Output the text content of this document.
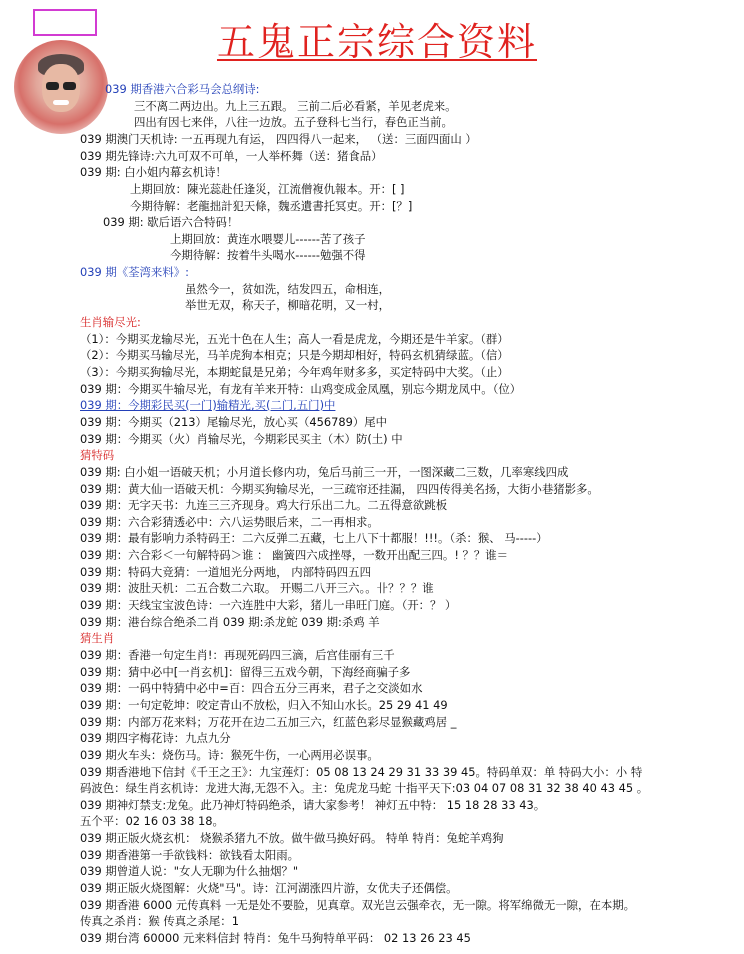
五鬼正宗综合资料
039 期香港六合彩马会总纲诗:
三不离二两边出。九上三五跟。 三前二后必看紧，羊见老虎来。
四出有因七来伴，八往一边放。五子登科七当行，春色正当前。
039 期澳门天机诗: 一五再现九有运， 四四得八一起来， （送：三面四面山 ）
039 期先锋诗:六九可双不可单，一人举杯舞（送：猪食品）
039 期: 白小姐内幕玄机诗！
上期回放：陳光蕊赴任逢災，江流僧複仇報本。开：[ ]
今期待解：老龍拙計犯天條，魏丞遺書托冥吏。开：[？]
039 期: 歇后语六合特码！
上期回放：黄连水喂婴儿------苦了孩子
今期待解：按着牛头喝水------勉强不得
039 期《荃湾来料》:
虽然今一，贫如洗，结发四五，命相连，
举世无双，称天子，柳暗花明，又一村，
生肖输尽光:
（1）：今期买龙输尽光，五光十色在人生；高人一看是虎龙，今期还是牛羊家。（群）
（2）：今期买马输尽光，马羊虎狗本相克；只是今期却相好，特码玄机猜绿蓝。（信）
（3）：今期买狗输尽光，本期蛇鼠是兄弟；今年鸡年财多多，买定特码中大奖。（止）
039 期：今期买牛输尽光，有龙有羊来开特：山鸡变成金凤凰，别忘今期龙凤中。（位）
039 期：今期彩民买(一门)输精光,买(二门,五门)中
039 期：今期买（213）尾输尽光，放心买（456789）尾中
039 期：今期买（火）肖输尽光，今期彩民买主（木）防(土) 中
猜特码
039 期: 白小姐一语破天机；小月道长修内功，兔后马前三一开，一图深藏二三数，几率寒线四成
039 期：黄大仙一语破天机：今期买狗输尽光，一三疏帘还挂漏， 四四传得美名扬，大街小巷猪影多。
039 期：无字天书：九连三三齐现身。鸡大行乐出二九。二五得意欲跳板
039 期：六合彩猜透必中：六八运势眼后来，二一再相求。
039 期：最有影响力杀特码王：二六反弹二五藏，七上八下十都服！!!!。（杀：猴、 马-----）
039 期：六合彩＜一句解特码＞谁 ： 幽簧四六成挫辱，一数开出配三四。! ？？谁＝
039 期：特码大竞猜：一道旭光分两地， 内部特码四五四
039 期：波肚天机：二五合数二六取。 开赐二八开三六。。卝？？？谁
039 期：天线宝宝波色诗：一六连胜中大彩，猪儿一串旺门庭。（开：？ ）
039 期：港台综合绝杀二肖 039 期:杀龙蛇 039 期:杀鸡 羊
猜生肖
039 期：香港一句定生肖!：再现死码四三滴，后宫佳丽有三千
039 期：猜中必中[一肖玄机]：留得三五戏今朝，下海经商骗子多
039 期：一码中特猜中必中=百：四合五分三再来，君子之交淡如水
039 期：一句定乾坤：咬定青山不放松，归入不知山水长。25 29 41 49
039 期：内部万花来料；万花开在边二五加三六，红蓝色彩尽显猴藏鸡居 _
039 期四字梅花诗：九点九分
039 期火车头：烧伤马。诗：猴死牛伤，一心两用必误事。
039 期香港地下信封《千王之王》：九宝莲灯：05 08 13 24 29 31 33 39 45。特码单双：单 特码大小：小 特
码波色：绿生肖玄机诗：龙进大海,无怨不入。主：兔虎龙马蛇 十指平天下:03 04 07 08 31 32 38 40 43 45 。
039 期神灯禁支:龙兔。此乃神灯特码绝杀，请大家参考！ 神灯五中特： 15 18 28 33 43。
五个平：02 16 03 38 18。
039 期正版火烧玄机： 烧猴杀猪九不放。做牛做马换好码。 特单 特肖：兔蛇羊鸡狗
039 期香港第一手欲钱料：欲钱看太阳雨。
039 期曾道人说："女人无聊为什么抽烟？"
039 期正版火烧图解：火烧"马"。诗：江河湖涨四片游，女优夫子还偶偿。
039 期香港 6000 元传真料 一无是处不要脸，见真章。双光岂云强牵衣，无一隙。将军绵微无一隙，在本期。
传真之杀肖：猴 传真之杀尾：1
039 期台湾 60000 元来料信封 特肖：兔牛马狗特单平码： 02 13 26 23 45
